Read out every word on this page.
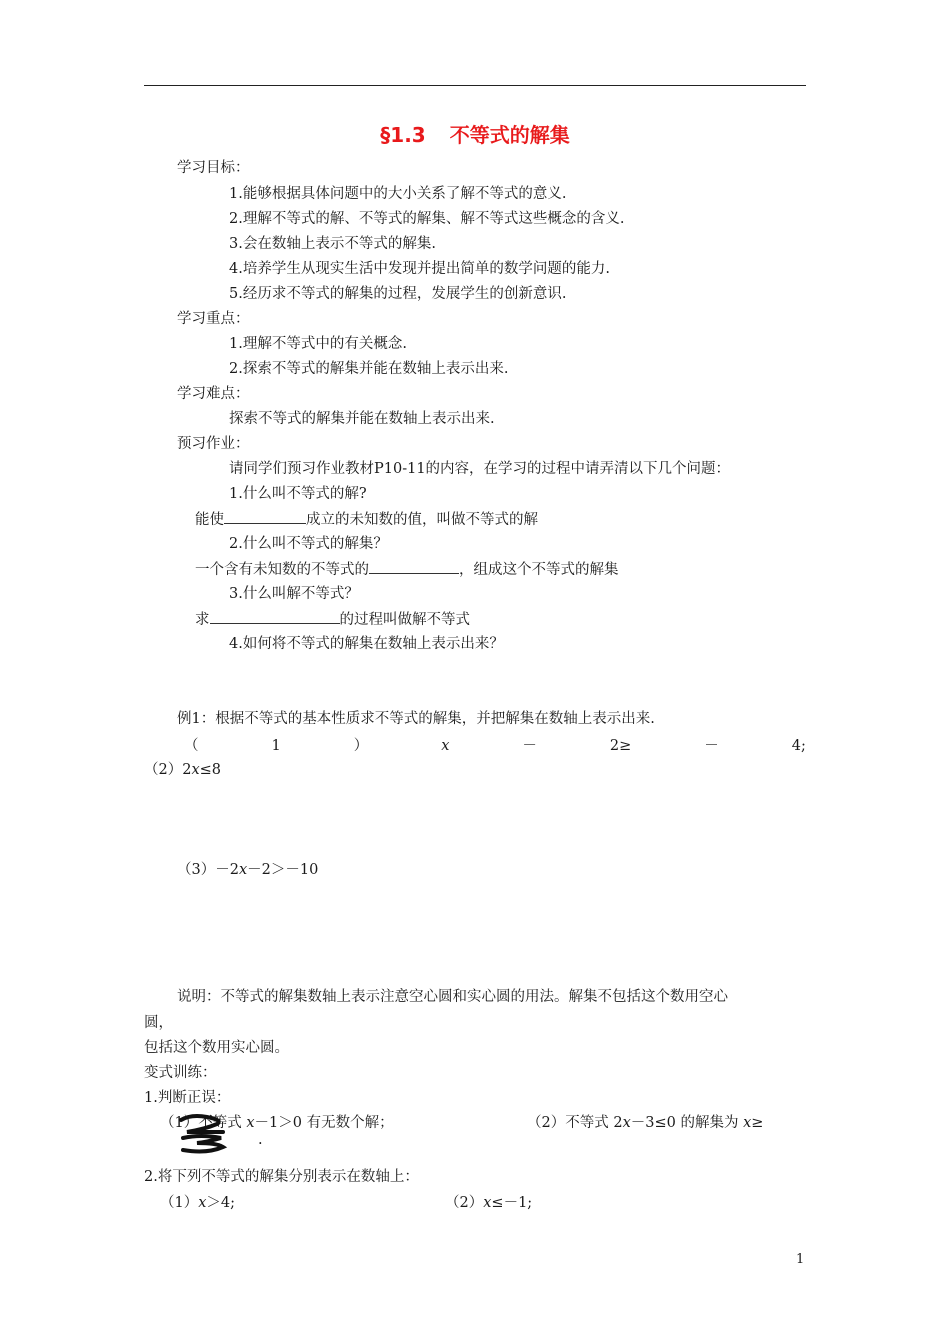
§1.3 不等式的解集
学习目标：
1.能够根据具体问题中的大小关系了解不等式的意义.
2.理解不等式的解、不等式的解集、解不等式这些概念的含义.
3.会在数轴上表示不等式的解集.
4.培养学生从现实生活中发现并提出简单的数学问题的能力.
5.经历求不等式的解集的过程，发展学生的创新意识.
学习重点：
1.理解不等式中的有关概念.
2.探索不等式的解集并能在数轴上表示出来.
学习难点：
探索不等式的解集并能在数轴上表示出来.
预习作业：
请同学们预习作业教材P10-11的内容，在学习的过程中请弄清以下几个问题：
1.什么叫不等式的解?
能使	成立的未知数的值，叫做不等式的解
2.什么叫不等式的解集？
一个含有未知数的不等式的	，组成这个不等式的解集
3.什么叫解不等式？
求	的过程叫做解不等式
4.如何将不等式的解集在数轴上表示出来？
例1：根据不等式的基本性质求不等式的解集，并把解集在数轴上表示出来.
（	1	）	x	－	2≥	－	4;
（2）2x≤8
（3）－2x－2＞－10
说明：不等式的解集数轴上表示注意空心圆和实心圆的用法。解集不包括这个数用空心
圆，
包括这个数用实心圆。
变式训练：
1.判断正误：
（1）不等式 x－1＞0 有无数个解；	（2）不等式 2x－3≤0 的解集为 x≥
.
2.将下列不等式的解集分别表示在数轴上：
（1）x＞4;	（2）x≤－1;
1
